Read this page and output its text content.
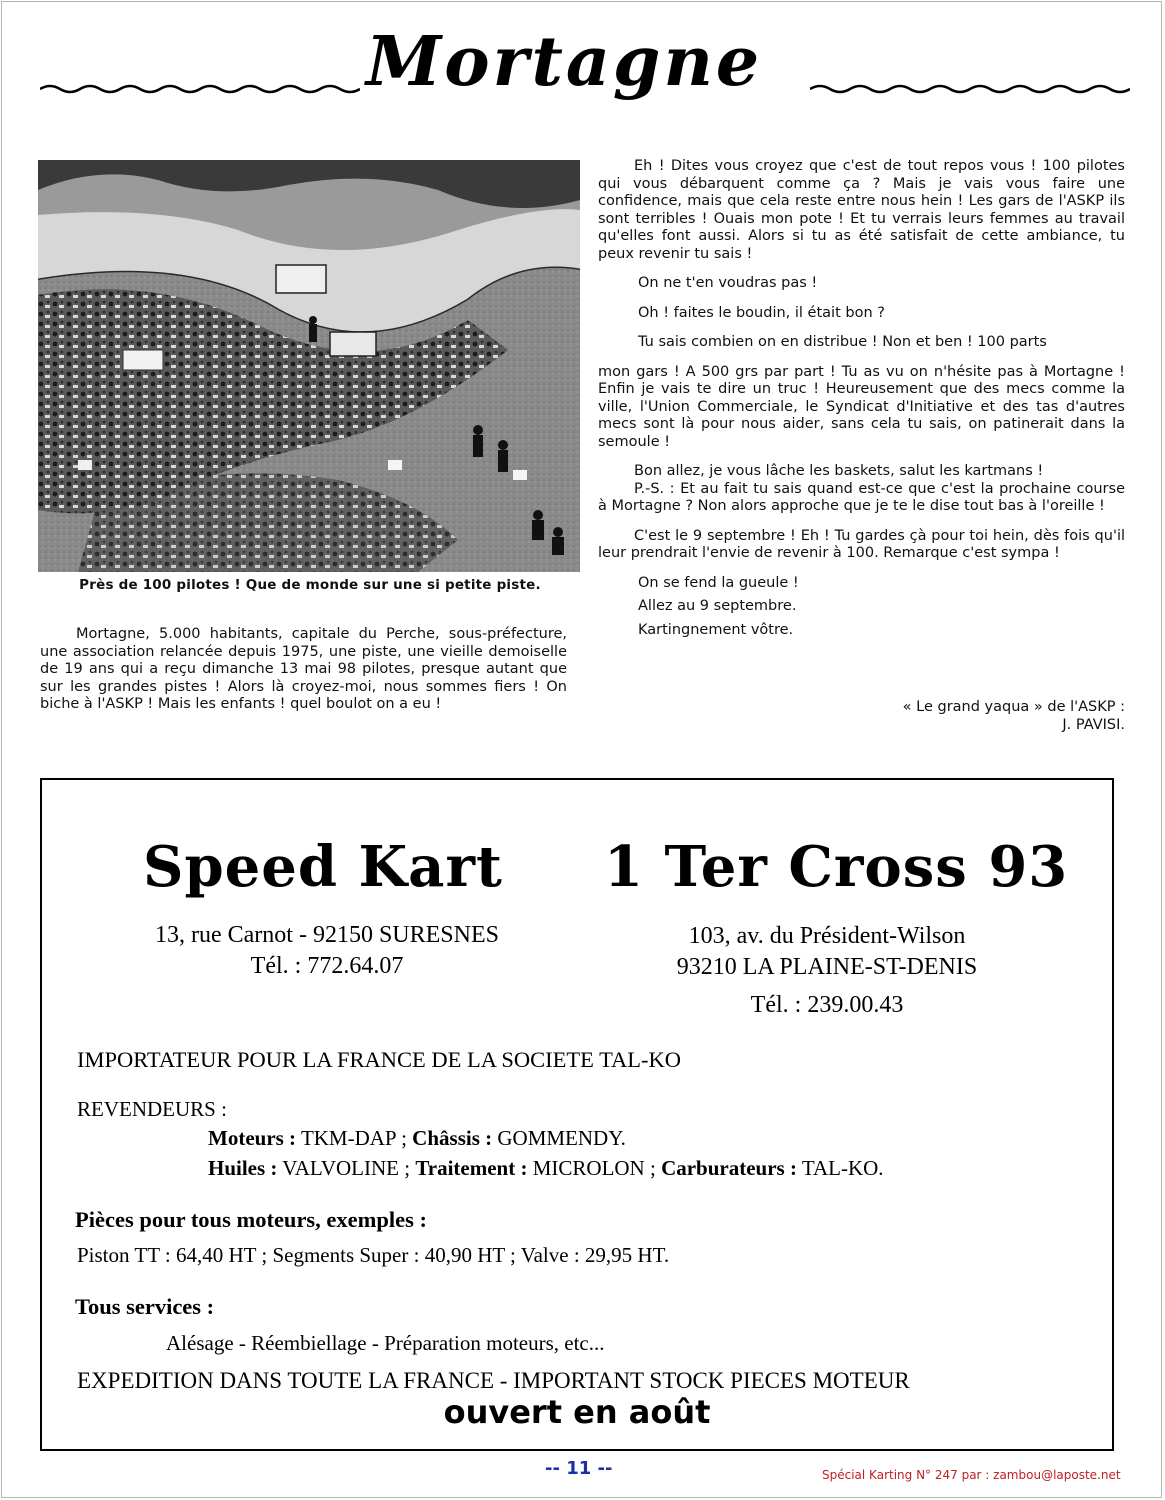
Mortagne
Près de 100 pilotes ! Que de monde sur une si petite piste.
Mortagne, 5.000 habitants, capitale du Perche, sous-préfecture, une association relancée depuis 1975, une piste, une vieille demoiselle de 19 ans qui a reçu dimanche 13 mai 98 pilotes, presque autant que sur les grandes pistes ! Alors là croyez-moi, nous sommes fiers ! On biche à l'ASKP ! Mais les enfants ! quel boulot on a eu !

Eh ! Dites vous croyez que c'est de tout repos vous ! 100 pilotes qui vous débarquent comme ça ? Mais je vais vous faire une confidence, mais que cela reste entre nous hein ! Les gars de l'ASKP ils sont terribles ! Ouais mon pote ! Et tu verrais leurs femmes au travail qu'elles font aussi. Alors si tu as été satisfait de cette ambiance, tu peux revenir tu sais !

On ne t'en voudras pas !

Oh ! faites le boudin, il était bon ?

Tu sais combien on en distribue ! Non et ben ! 100 parts

mon gars ! A 500 grs par part ! Tu as vu on n'hésite pas à Mortagne ! Enfin je vais te dire un truc ! Heureusement que des mecs comme la ville, l'Union Commerciale, le Syndicat d'Initiative et des tas d'autres mecs sont là pour nous aider, sans cela tu sais, on patinerait dans la semoule !

Bon allez, je vous lâche les baskets, salut les kartmans !

P.-S. : Et au fait tu sais quand est-ce que c'est la prochaine course à Mortagne ? Non alors approche que je te le dise tout bas à l'oreille !

C'est le 9 septembre ! Eh ! Tu gardes çà pour toi hein, dès fois qu'il leur prendrait l'envie de revenir à 100. Remarque c'est sympa !

On se fend la gueule !

Allez au 9 septembre.

Kartingnement vôtre.

« Le grand yaqua » de l'ASKP :
J. PAVISI.
Speed Kart 1 Ter Cross 93
13, rue Carnot - 92150 SURESNES
Tél. : 772.64.07
103, av. du Président-Wilson
93210 LA PLAINE-ST-DENIS
Tél. : 239.00.43
IMPORTATEUR POUR LA FRANCE DE LA SOCIETE TAL-KO
REVENDEURS :
Moteurs : TKM-DAP ; Châssis : GOMMENDY.
Huiles : VALVOLINE ; Traitement : MICROLON ; Carburateurs : TAL-KO.
Pièces pour tous moteurs, exemples :
Piston TT : 64,40 HT ; Segments Super : 40,90 HT ; Valve : 29,95 HT.
Tous services :
Alésage - Réembiellage - Préparation moteurs, etc...
EXPEDITION DANS TOUTE LA FRANCE - IMPORTANT STOCK PIECES MOTEUR
ouvert en août
-- 11 --	Spécial Karting N° 247 par : zambou@laposte.net
